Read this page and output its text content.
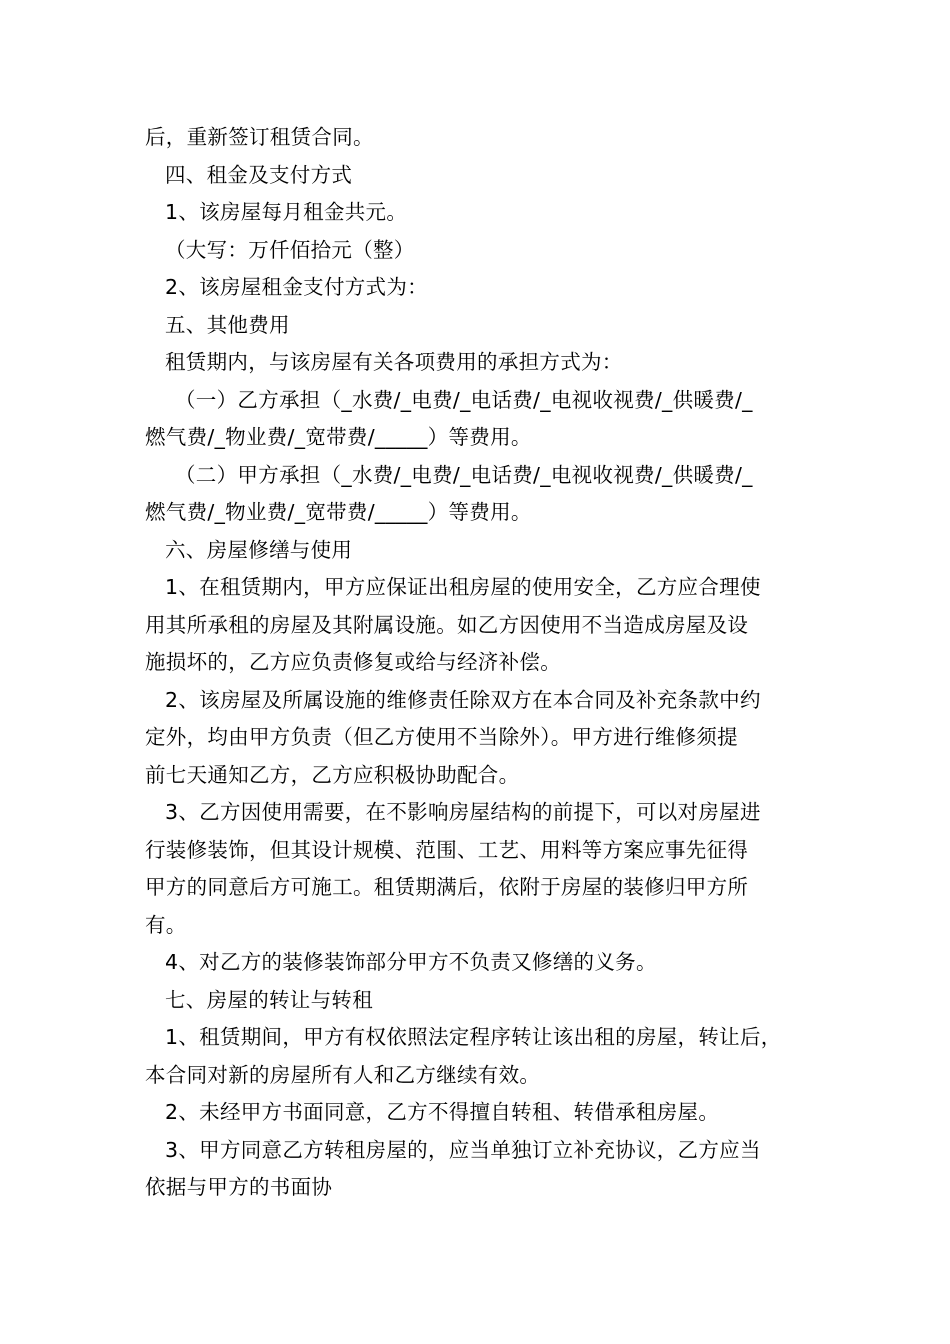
后，重新签订租赁合同。
四、租金及支付方式
1、该房屋每月租金共元。
（大写：万仟佰拾元（整）
2、该房屋租金支付方式为：
五、其他费用
租赁期内，与该房屋有关各项费用的承担方式为：
（一）乙方承担（_水费/_电费/_电话费/_电视收视费/_供暖费/_
燃气费/_物业费/_宽带费/_____）等费用。
（二）甲方承担（_水费/_电费/_电话费/_电视收视费/_供暖费/_
燃气费/_物业费/_宽带费/_____）等费用。
六、房屋修缮与使用
1、在租赁期内，甲方应保证出租房屋的使用安全，乙方应合理使
用其所承租的房屋及其附属设施。如乙方因使用不当造成房屋及设
施损坏的，乙方应负责修复或给与经济补偿。
2、该房屋及所属设施的维修责任除双方在本合同及补充条款中约
定外，均由甲方负责（但乙方使用不当除外）。甲方进行维修须提
前七天通知乙方，乙方应积极协助配合。
3、乙方因使用需要，在不影响房屋结构的前提下，可以对房屋进
行装修装饰，但其设计规模、范围、工艺、用料等方案应事先征得
甲方的同意后方可施工。租赁期满后，依附于房屋的装修归甲方所
有。
4、对乙方的装修装饰部分甲方不负责又修缮的义务。
七、房屋的转让与转租
1、租赁期间，甲方有权依照法定程序转让该出租的房屋，转让后，
本合同对新的房屋所有人和乙方继续有效。
2、未经甲方书面同意，乙方不得擅自转租、转借承租房屋。
3、甲方同意乙方转租房屋的，应当单独订立补充协议，乙方应当
依据与甲方的书面协
